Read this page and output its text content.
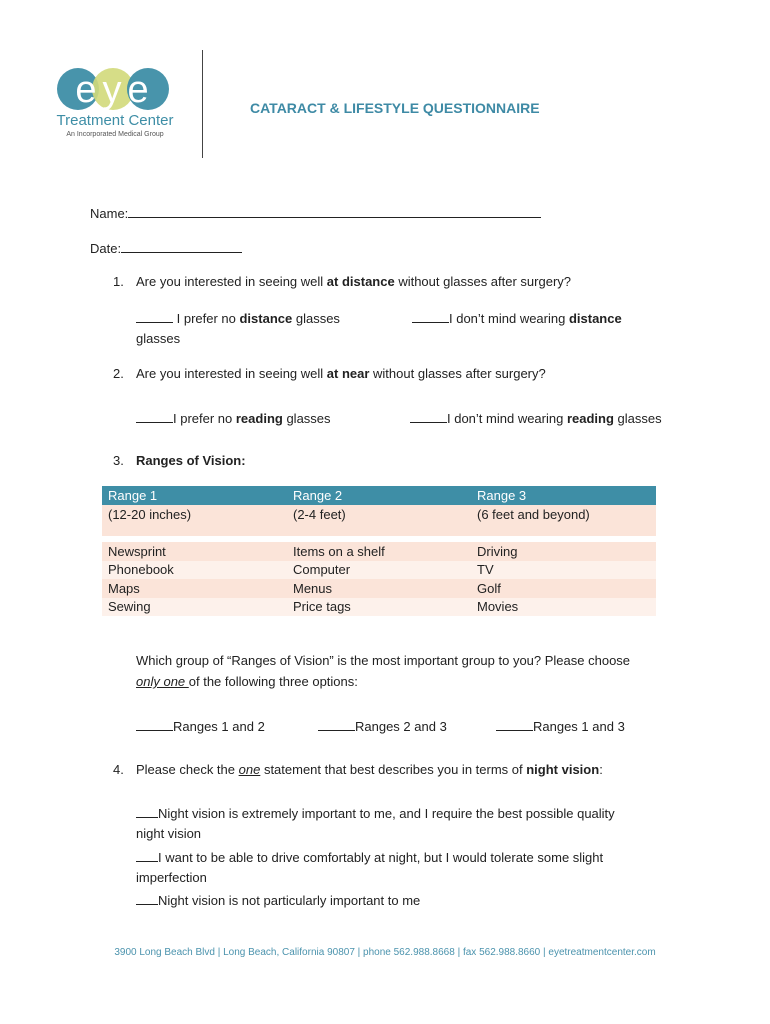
eye
Treatment Center
An Incorporated Medical Group
CATARACT & LIFESTYLE QUESTIONNAIRE
Name:
Date:
1. Are you interested in seeing well at distance without glasses after surgery?
I prefer no distance glasses
glasses
I don’t mind wearing distance
2. Are you interested in seeing well at near without glasses after surgery?
I prefer no reading glasses	I don’t mind wearing reading glasses
3. Ranges of Vision:
Range 1	Range 2	Range 3
(12-20 inches)	(2-4 feet)	(6 feet and beyond)

Newsprint	Items on a shelf	Driving
Phonebook	Computer	TV
Maps	Menus	Golf
Sewing	Price tags	Movies
Which group of “Ranges of Vision” is the most important group to you? Please choose
only one of the following three options:
Ranges 1 and 2	Ranges 2 and 3	Ranges 1 and 3
4. Please check the one statement that best describes you in terms of night vision:
Night vision is extremely important to me, and I require the best possible quality
night vision
I want to be able to drive comfortably at night, but I would tolerate some slight
imperfection
Night vision is not particularly important to me
3900 Long Beach Blvd | Long Beach, California 90807 | phone 562.988.8668 | fax 562.988.8660 | eyetreatmentcenter.com
